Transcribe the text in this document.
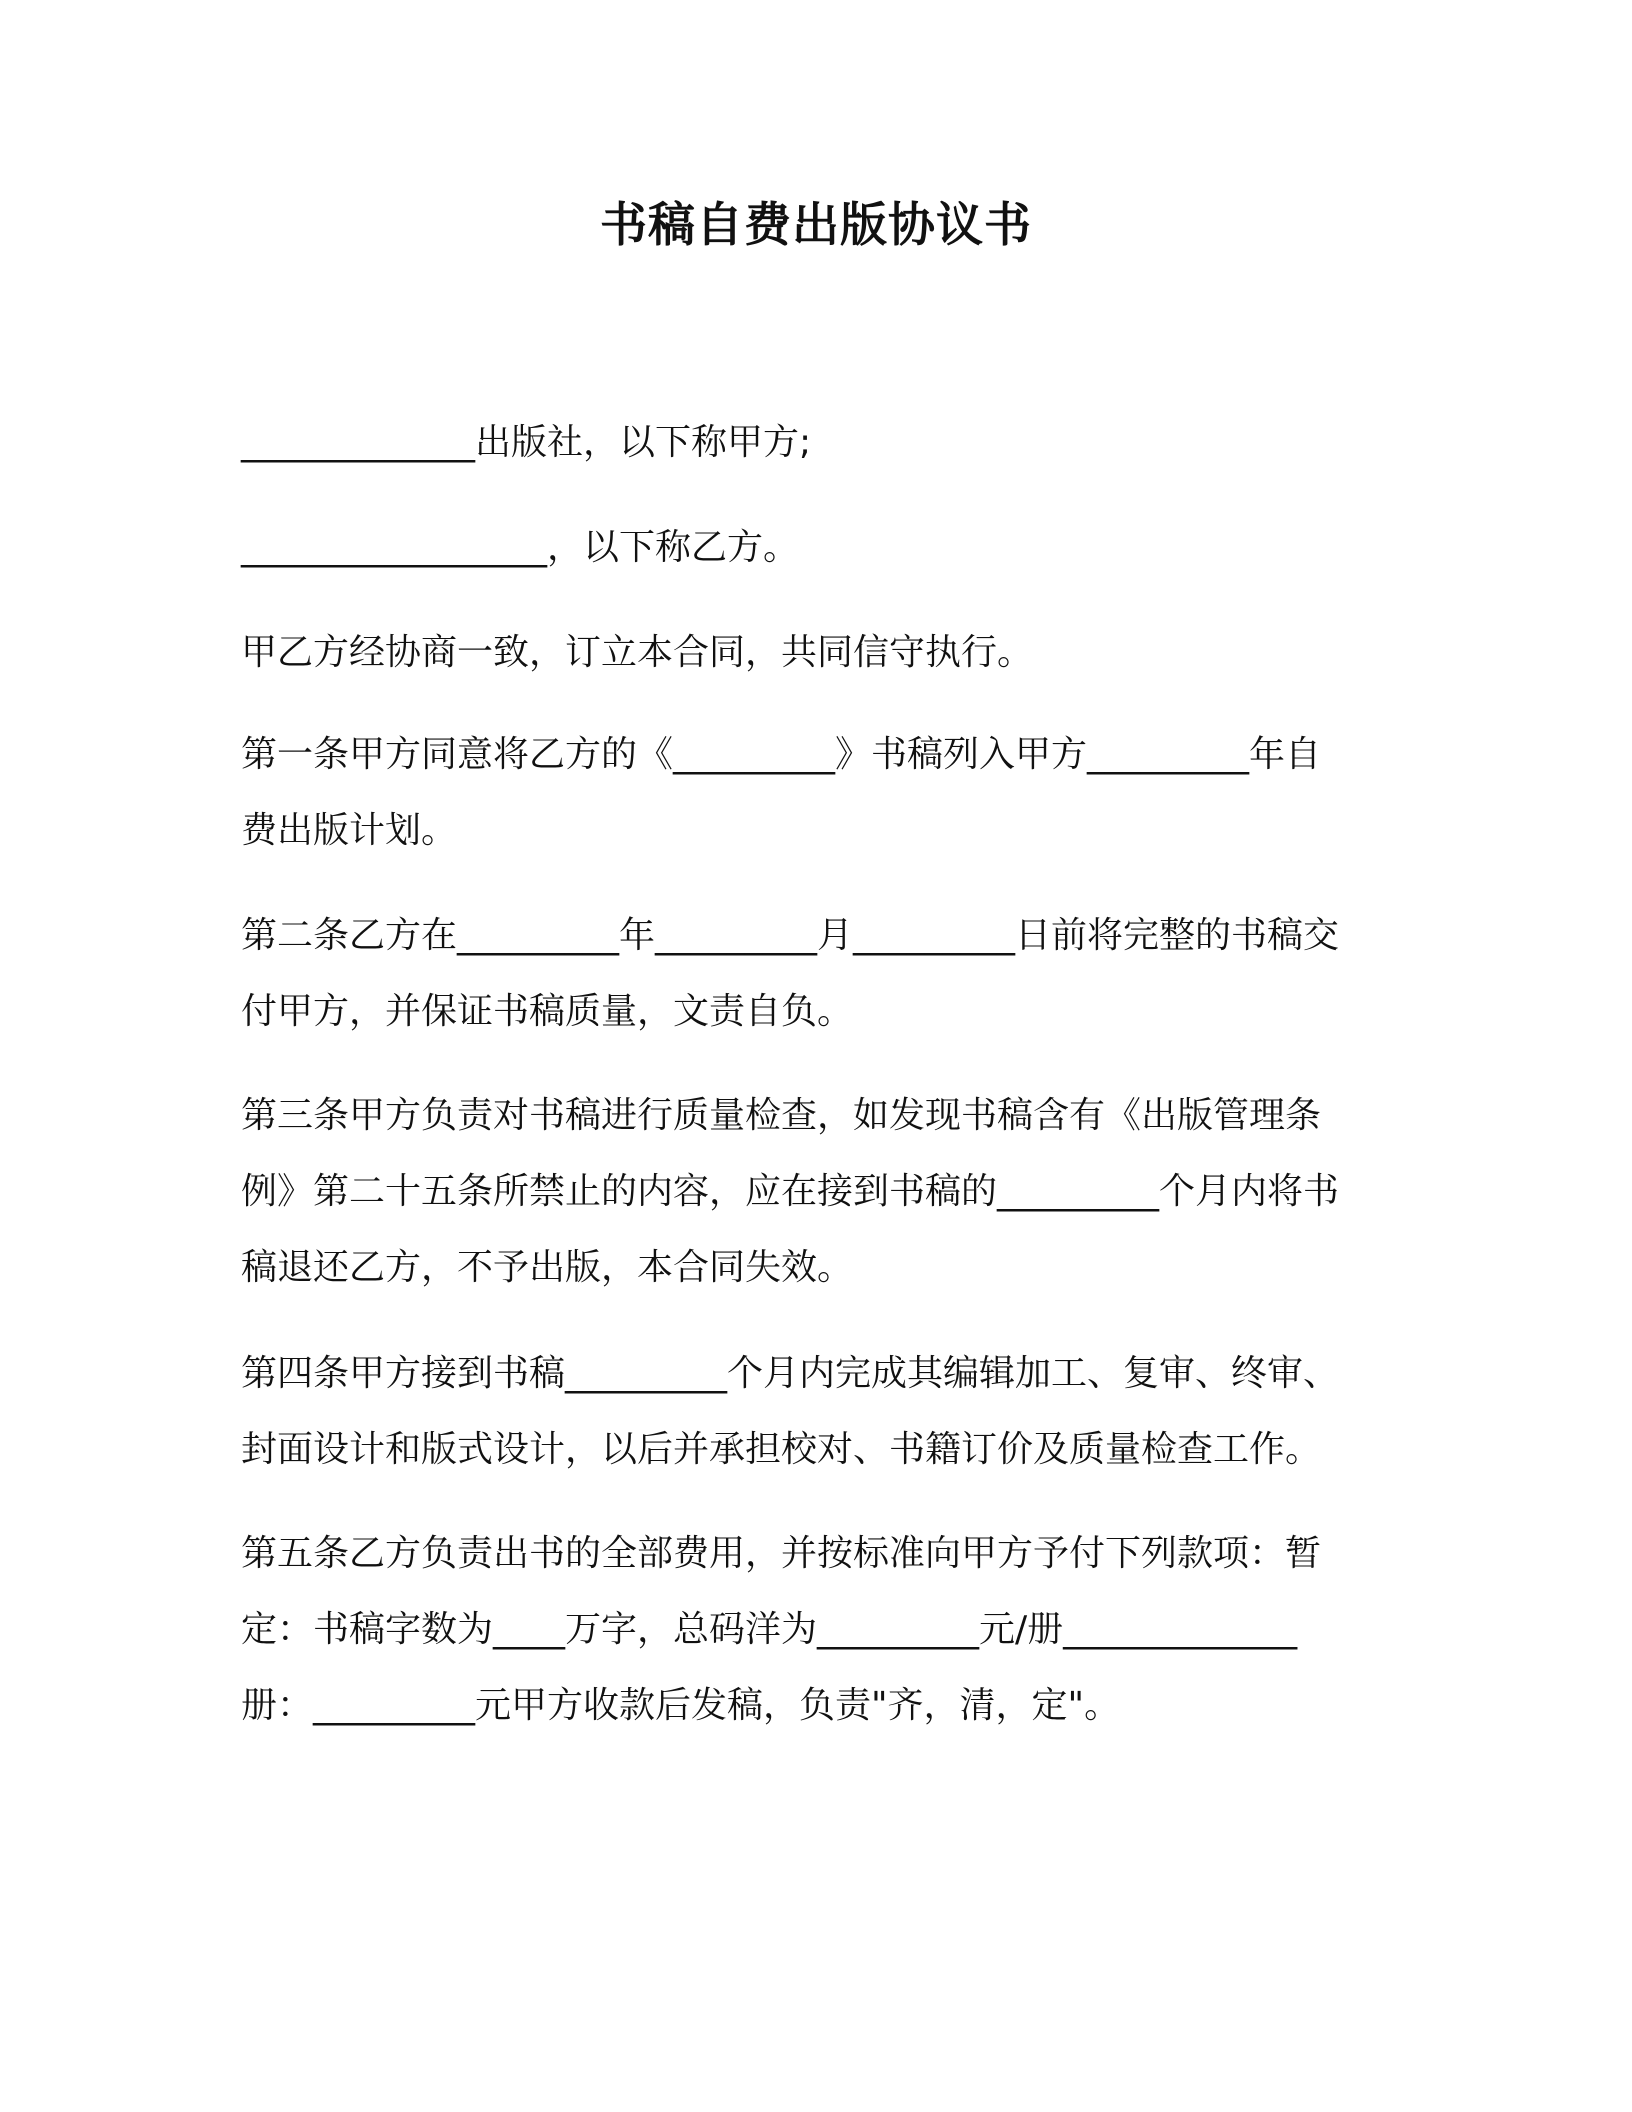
书稿自费出版协议书

_____________出版社，以下称甲方;

_________________，以下称乙方。

甲乙方经协商一致，订立本合同，共同信守执行。

第一条甲方同意将乙方的《_________》书稿列入甲方_________年自
费出版计划。

第二条乙方在_________年_________月_________日前将完整的书稿交
付甲方，并保证书稿质量，文责自负。

第三条甲方负责对书稿进行质量检查，如发现书稿含有《出版管理条
例》第二十五条所禁止的内容，应在接到书稿的_________个月内将书
稿退还乙方，不予出版，本合同失效。

第四条甲方接到书稿_________个月内完成其编辑加工、复审、终审、
封面设计和版式设计，以后并承担校对、书籍订价及质量检查工作。

第五条乙方负责出书的全部费用，并按标准向甲方予付下列款项：暂
定：书稿字数为____万字，总码洋为_________元/册_____________
册：_________元甲方收款后发稿，负责"齐，清，定"。
